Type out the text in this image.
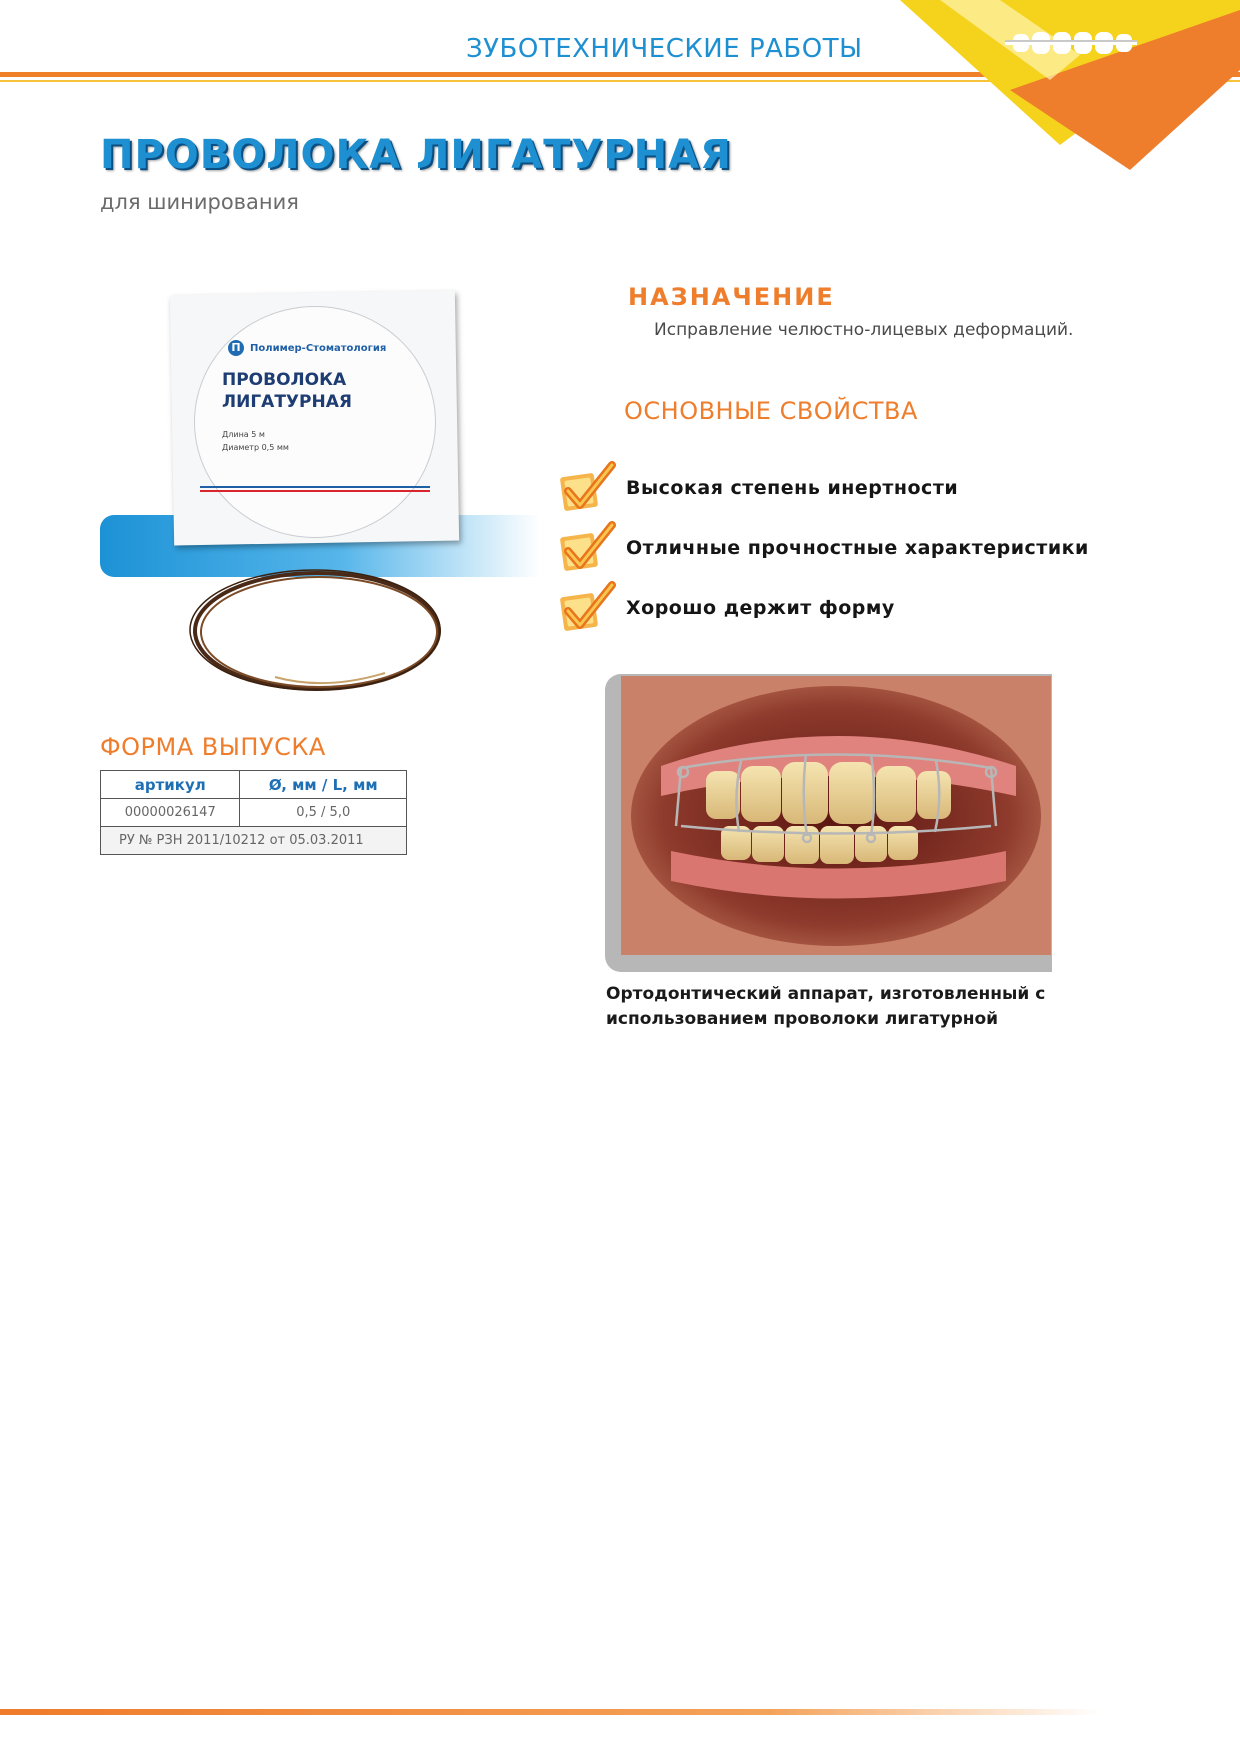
ЗУБОТЕХНИЧЕСКИЕ РАБОТЫ
ПРОВОЛОКА ЛИГАТУРНАЯ
для шинирования
П Полимер-Стоматология
ПРОВОЛОКА
ЛИГАТУРНАЯ
Длина 5 м
Диаметр 0,5 мм
ФОРМА ВЫПУСКА
артикул	Ø, мм / L, мм
00000026147	0,5 / 5,0
РУ № РЗН 2011/10212 от 05.03.2011	
НАЗНАЧЕНИЕ
Исправление челюстно-лицевых деформаций.
ОСНОВНЫЕ СВОЙСТВА
Высокая степень инертности
Отличные прочностные характеристики
Хорошо держит форму
Ортодонтический аппарат, изготовленный с
использованием проволоки лигатурной
